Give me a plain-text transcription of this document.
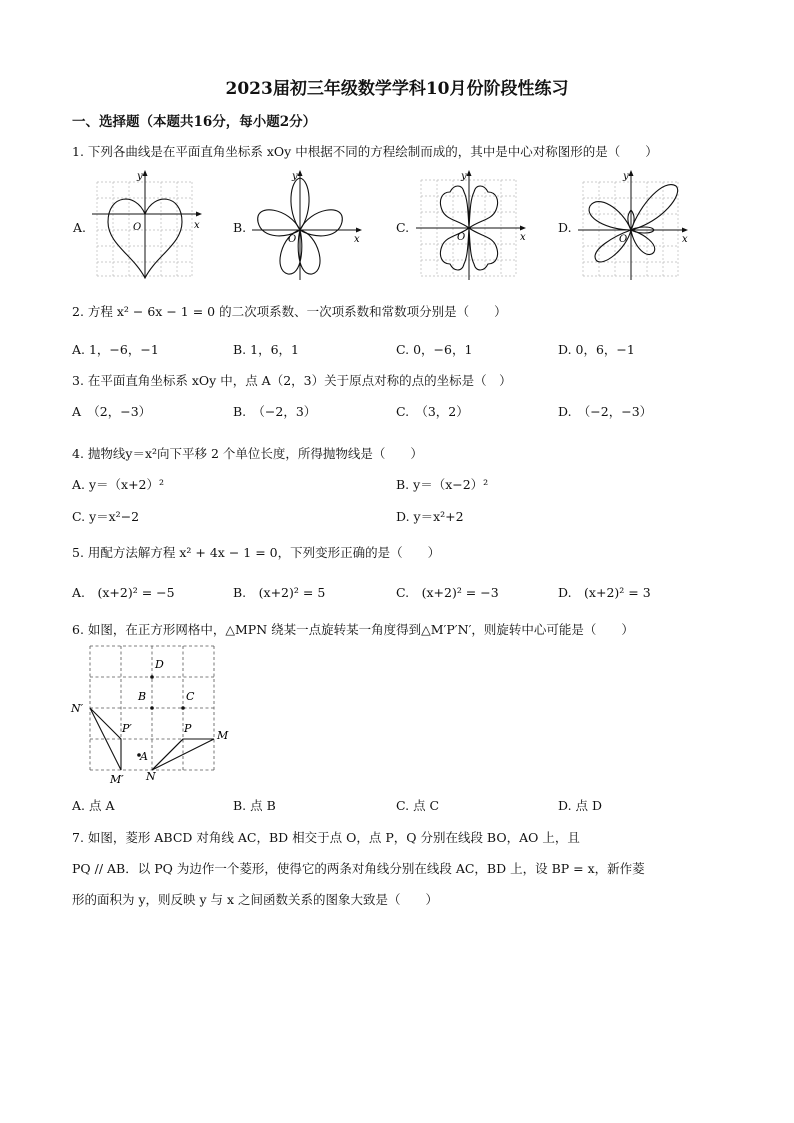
2023届初三年级数学学科10月份阶段性练习
一、选择题（本题共16分，每小题2分）
1. 下列各曲线是在平面直角坐标系 xOy 中根据不同的方程绘制而成的，其中是中心对称图形的是（　　）
A.	B.	C.	D.
y
x
O
y
x
O
y
x
O
y
x
O
2. 方程 x² − 6x − 1 = 0 的二次项系数、一次项系数和常数项分别是（　　）
A. 1，−6，−1	B. 1，6，1	C. 0，−6，1	D. 0，6，−1
3. 在平面直角坐标系 xOy 中，点 A（2，3）关于原点对称的点的坐标是（　）
A　（2，−3）	B.　（−2，3）	C.　（3，2）	D.　（−2，−3）
4. 抛物线y＝x²向下平移 2 个单位长度，所得抛物线是（　　）
A. y＝（x+2）²	B. y＝（x−2）²
C. y＝x²−2	D. y＝x²+2
5. 用配方法解方程 x² + 4x − 1 = 0，下列变形正确的是（　　）
A.　(x+2)² = −5	B.　(x+2)² = 5	C.　(x+2)² = −3	D.　(x+2)² = 3
6. 如图，在正方形网格中，△MPN 绕某一点旋转某一角度得到△M′P′N′，则旋转中心可能是（　　）
D
B	C
N′
P′	P
M
A
M′ N
A. 点 A	B. 点 B	C. 点 C	D. 点 D
7. 如图，菱形 ABCD 对角线 AC，BD 相交于点 O，点 P，Q 分别在线段 BO，AO 上，且
PQ // AB．以 PQ 为边作一个菱形，使得它的两条对角线分别在线段 AC，BD 上，设 BP = x，新作菱
形的面积为 y，则反映 y 与 x 之间函数关系的图象大致是（　　）
